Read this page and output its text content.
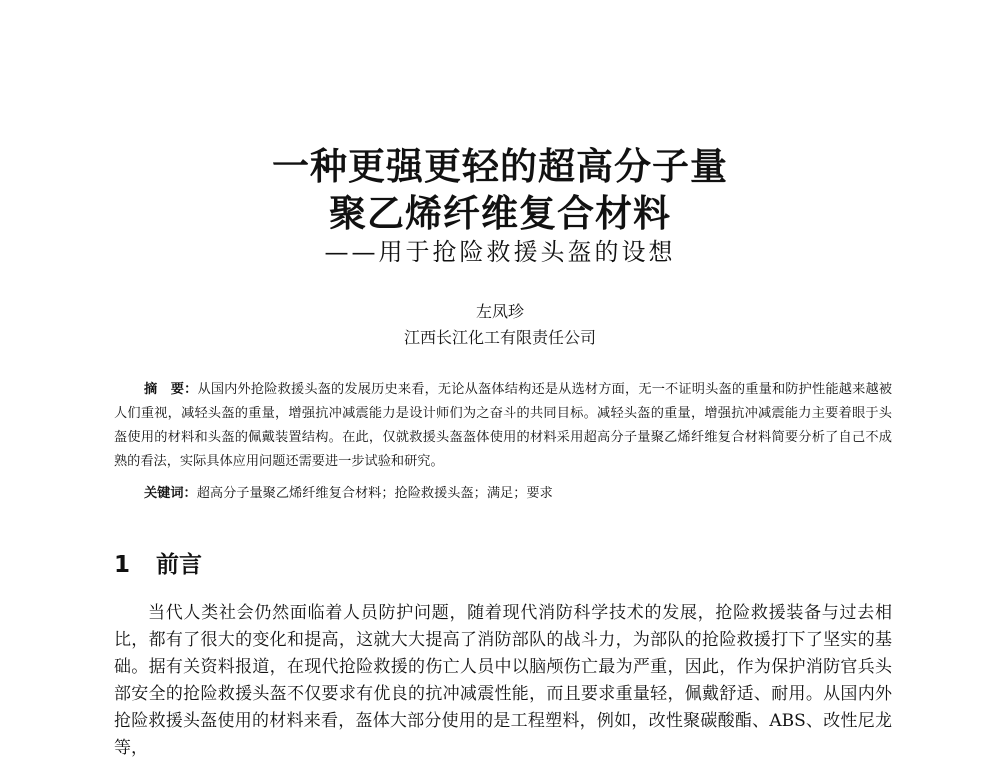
一种更强更轻的超高分子量
聚乙烯纤维复合材料
——用于抢险救援头盔的设想
左凤珍
江西长江化工有限责任公司
摘　要：从国内外抢险救援头盔的发展历史来看，无论从盔体结构还是从选材方面，无一不证明头盔的重量和防护性能越来越被人们重视，减轻头盔的重量，增强抗冲减震能力是设计师们为之奋斗的共同目标。减轻头盔的重量，增强抗冲减震能力主要着眼于头盔使用的材料和头盔的佩戴装置结构。在此，仅就救援头盔盔体使用的材料采用超高分子量聚乙烯纤维复合材料简要分析了自己不成熟的看法，实际具体应用问题还需要进一步试验和研究。
关键词：超高分子量聚乙烯纤维复合材料；抢险救援头盔；满足；要求
1 前言
当代人类社会仍然面临着人员防护问题，随着现代消防科学技术的发展，抢险救援装备与过去相比，都有了很大的变化和提高，这就大大提高了消防部队的战斗力，为部队的抢险救援打下了坚实的基础。据有关资料报道，在现代抢险救援的伤亡人员中以脑颅伤亡最为严重，因此，作为保护消防官兵头部安全的抢险救援头盔不仅要求有优良的抗冲减震性能，而且要求重量轻，佩戴舒适、耐用。从国内外抢险救援头盔使用的材料来看，盔体大部分使用的是工程塑料，例如，改性聚碳酸酯、ABS、改性尼龙等，
